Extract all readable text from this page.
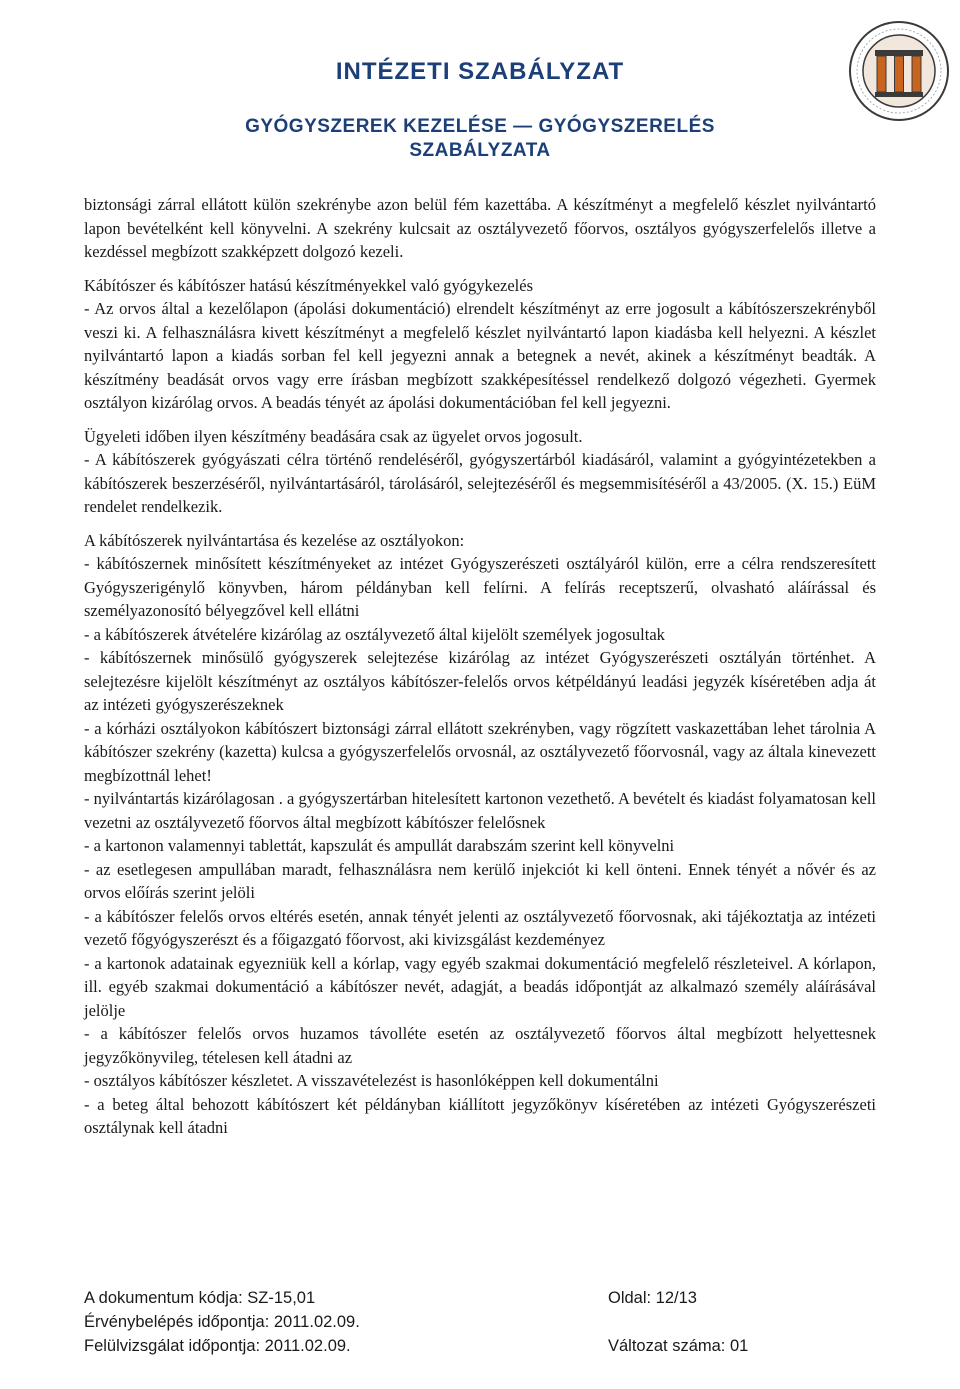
INTÉZETI SZABÁLYZAT
GYÓGYSZEREK KEZELÉSE — GYÓGYSZERELÉS
SZABÁLYZATA

biztonsági zárral ellátott külön szekrénybe azon belül fém kazettába. A készítményt a megfelelő készlet nyilvántartó lapon bevételként kell könyvelni. A szekrény kulcsait az osztályvezető főorvos, osztályos gyógyszerfelelős illetve a kezdéssel megbízott szakképzett dolgozó kezeli.

Kábítószer és kábítószer hatású készítményekkel való gyógykezelés

- Az orvos által a kezelőlapon (ápolási dokumentáció) elrendelt készítményt az erre jogosult a kábítószerszekrényből veszi ki. A felhasználásra kivett készítményt a megfelelő készlet nyilvántartó lapon kiadásba kell helyezni. A készlet nyilvántartó lapon a kiadás sorban fel kell jegyezni annak a betegnek a nevét, akinek a készítményt beadták. A készítmény beadását orvos vagy erre írásban megbízott szakképesítéssel rendelkező dolgozó végezheti. Gyermek osztályon kizárólag orvos. A beadás tényét az ápolási dokumentációban fel kell jegyezni.

Ügyeleti időben ilyen készítmény beadására csak az ügyelet orvos jogosult.

- A kábítószerek gyógyászati célra történő rendeléséről, gyógyszertárból kiadásáról, valamint a gyógyintézetekben a kábítószerek beszerzéséről, nyilvántartásáról, tárolásáról, selejtezéséről és megsemmisítéséről a 43/2005. (X. 15.) EüM rendelet rendelkezik.

A kábítószerek nyilvántartása és kezelése az osztályokon:

- kábítószernek minősített készítményeket az intézet Gyógyszerészeti osztályáról külön, erre a célra rendszeresített Gyógyszerigénylő könyvben, három példányban kell felírni. A felírás receptszerű, olvasható aláírással és személyazonosító bélyegzővel kell ellátni

- a kábítószerek átvételére kizárólag az osztályvezető által kijelölt személyek jogosultak

- kábítószernek minősülő gyógyszerek selejtezése kizárólag az intézet Gyógyszerészeti osztályán történhet. A selejtezésre kijelölt készítményt az osztályos kábítószer-felelős orvos kétpéldányú leadási jegyzék kíséretében adja át az intézeti gyógyszerészeknek

- a kórházi osztályokon kábítószert biztonsági zárral ellátott szekrényben, vagy rögzített vaskazettában lehet tárolnia A kábítószer szekrény (kazetta) kulcsa a gyógyszerfelelős orvosnál, az osztályvezető főorvosnál, vagy az általa kinevezett megbízottnál lehet!

- nyilvántartás kizárólagosan . a gyógyszertárban hitelesített kartonon vezethető. A bevételt és kiadást folyamatosan kell vezetni az osztályvezető főorvos által megbízott kábítószer felelősnek

- a kartonon valamennyi tablettát, kapszulát és ampullát darabszám szerint kell könyvelni

- az esetlegesen ampullában maradt, felhasználásra nem kerülő injekciót ki kell önteni. Ennek tényét a nővér és az orvos előírás szerint jelöli

- a kábítószer felelős orvos eltérés esetén, annak tényét jelenti az osztályvezető főorvosnak, aki tájékoztatja az intézeti vezető főgyógyszerészt és a főigazgató főorvost, aki kivizsgálást kezdeményez

- a kartonok adatainak egyezniük kell a kórlap, vagy egyéb szakmai dokumentáció megfelelő részleteivel. A kórlapon, ill. egyéb szakmai dokumentáció a kábítószer nevét, adagját, a beadás időpontját az alkalmazó személy aláírásával jelölje

- a kábítószer felelős orvos huzamos távolléte esetén az osztályvezető főorvos által megbízott helyettesnek jegyzőkönyvileg, tételesen kell átadni az

- osztályos kábítószer készletet. A visszavételezést is hasonlóképpen kell dokumentálni

- a beteg által behozott kábítószert két példányban kiállított jegyzőkönyv kíséretében az intézeti Gyógyszerészeti osztálynak kell átadni

A dokumentum kódja: SZ-15,01	Oldal: 12/13
Érvénybelépés időpontja: 2011.02.09.
Felülvizsgálat időpontja: 2011.02.09.	Változat száma: 01
